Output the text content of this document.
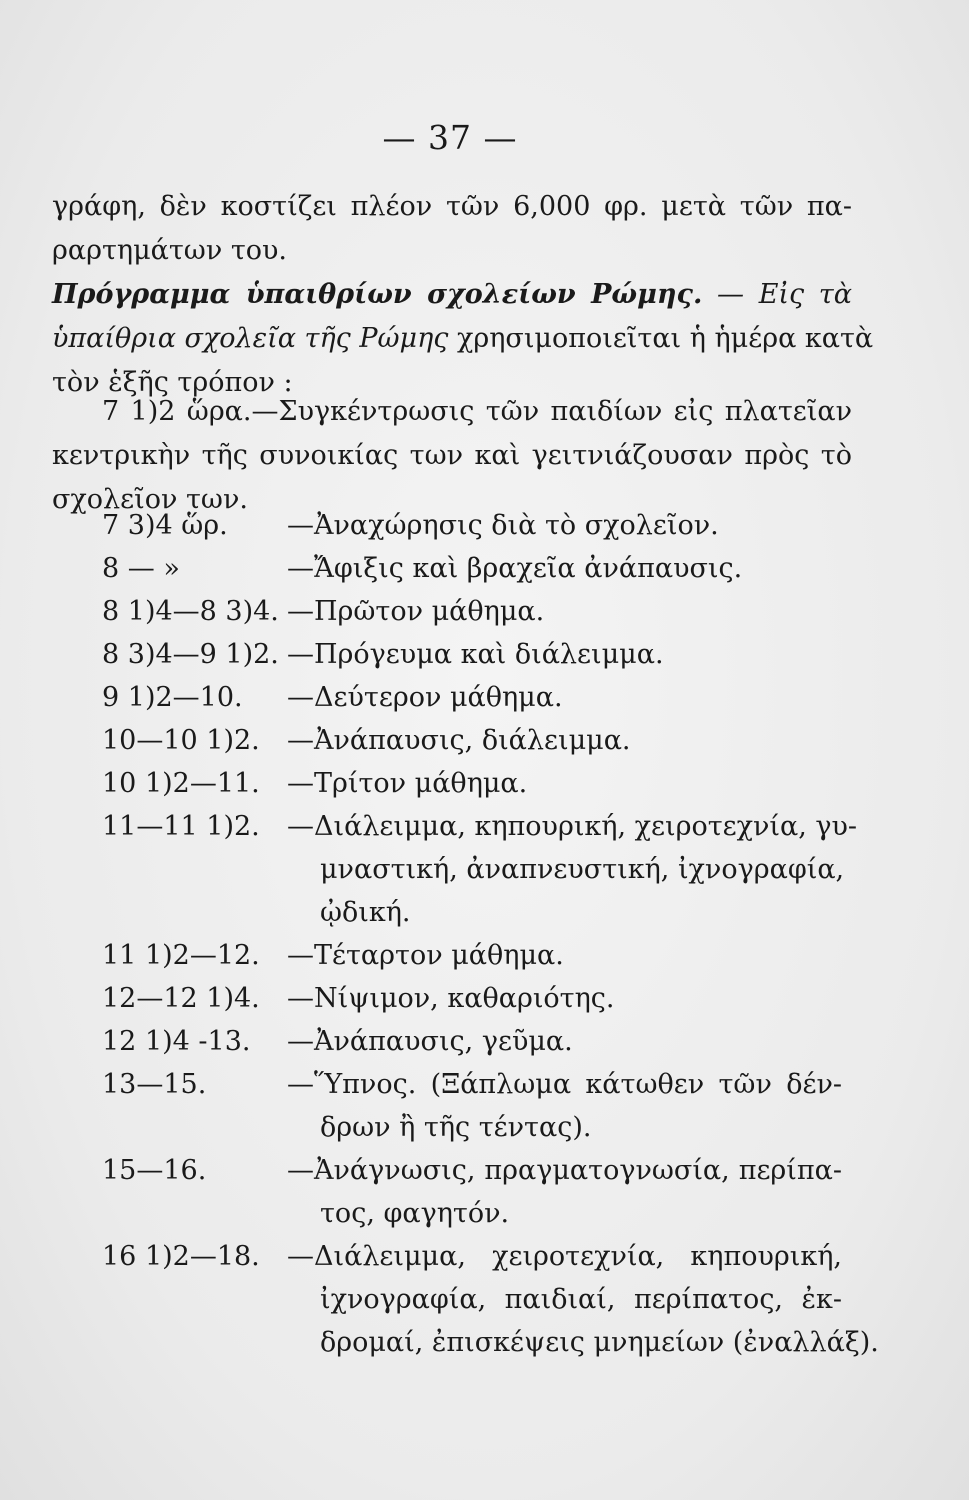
— 37 —
γράφη, δὲν κοστίζει πλέον τῶν 6,000 φρ. μετὰ τῶν πα-
ραρτημάτων του.
Πρόγραμμα ὑπαιθρίων σχολείων Ρώμης. — Εἰς τὰ
ὑπαίθρια σχολεῖα τῆς Ρώμης χρησιμοποιεῖται ἡ ἡμέρα κατὰ
τὸν ἑξῆς τρόπον :
7 1)2 ὥρα.—Συγκέντρωσις τῶν παιδίων εἰς πλατεῖαν
κεντρικὴν τῆς συνοικίας των καὶ γειτνιάζουσαν πρὸς τὸ
σχολεῖον των.
7 3)4 ὥρ. —Ἀναχώρησις διὰ τὸ σχολεῖον.
8 — »	—Ἄφιξις καὶ βραχεῖα ἀνάπαυσις.
8 1)4—8 3)4. —Πρῶτον μάθημα.
8 3)4—9 1)2. —Πρόγευμα καὶ διάλειμμα.
9 1)2—10. —Δεύτερον μάθημα.
10—10 1)2. —Ἀνάπαυσις, διάλειμμα.
10 1)2—11. —Τρίτον μάθημα.
11—11 1)2. —Διάλειμμα, κηπουρική, χειροτεχνία, γυ-
μναστική, ἀναπνευστική, ἰχνογραφία,
ᾠδική.
11 1)2—12. —Τέταρτον μάθημα.
12—12 1)4. —Νίψιμον, καθαριότης.
12 1)4 -13. —Ἀνάπαυσις, γεῦμα.
13—15.	—Ὕπνος. (Ξάπλωμα κάτωθεν τῶν δέν-
δρων ἢ τῆς τέντας).
15—16.	—Ἀνάγνωσις, πραγματογνωσία, περίπα-
τος, φαγητόν.
16 1)2—18. —Διάλειμμα, χειροτεχνία, κηπουρική,
ἰχνογραφία, παιδιαί, περίπατος, ἐκ-
δρομαί, ἐπισκέψεις μνημείων (ἐναλλάξ).
